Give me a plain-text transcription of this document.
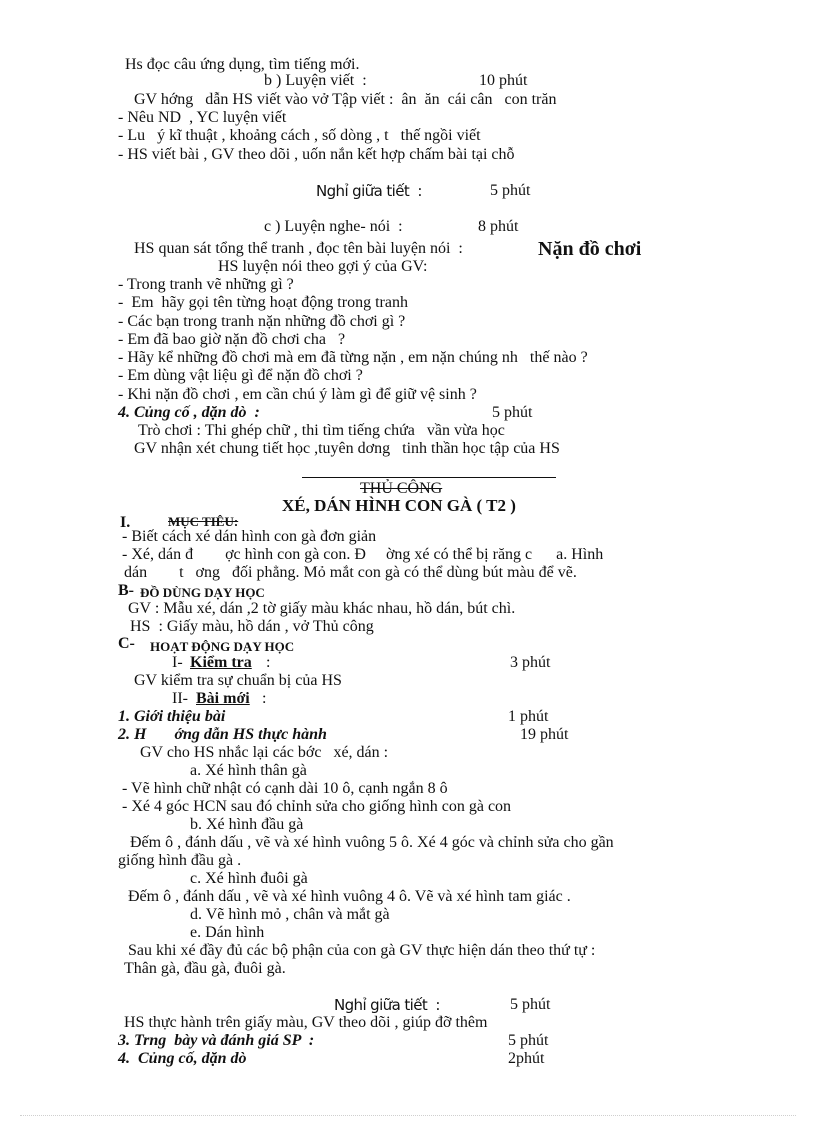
Hs đọc câu ứng dụng, tìm tiếng mới.
b ) Luyện viết  :	10 phút
GV hớng   dẫn HS viết vào vở Tập viết :  ân  ăn  cái cân   con trăn
- Nêu ND  , YC luyện viết
- Lu   ý kĩ thuật , khoảng cách , số dòng , t   thế ngồi viết
- HS viết bài , GV theo dõi , uốn nắn kết hợp chấm bài tại chỗ
Nghỉ giữa tiết  :	5 phút
c ) Luyện nghe- nói  :	8 phút
HS quan sát tổng thể tranh , đọc tên bài luyện nói  :	Nặn đồ chơi
HS luyện nói theo gợi ý của GV:
- Trong tranh vẽ những gì ?
-  Em  hãy gọi tên từng hoạt động trong tranh
- Các bạn trong tranh nặn những đồ chơi gì ?
- Em đã bao giờ nặn đồ chơi cha   ?
- Hãy kể những đồ chơi mà em đã từng nặn , em nặn chúng nh   thế nào ?
- Em dùng vật liệu gì để nặn đồ chơi ?
- Khi nặn đồ chơi , em cần chú ý làm gì để giữ vệ sinh ?
4. Củng cố , dặn dò  :	5 phút
Trò chơi : Thi ghép chữ , thi tìm tiếng chứa   vần vừa học
GV nhận xét chung tiết học ,tuyên dơng   tinh thần học tập của HS
THỦ CÔNG
XÉ, DÁN HÌNH CON GÀ ( T2 )
I.	MỤC TIÊU:
- Biết cách xé dán hình con gà đơn giản
- Xé, dán đ        ợc hình con gà con. Đ     ờng xé có thể bị răng c      a. Hình
dán        t   ơng   đối phẳng. Mỏ mắt con gà có thể dùng bút màu để vẽ.
B- ĐỒ DÙNG DẠY HỌC
GV : Mẫu xé, dán ,2 tờ giấy màu khác nhau, hồ dán, bút chì.
HS  : Giấy màu, hồ dán , vở Thủ công
C- HOẠT ĐỘNG DẠY HỌC
I- Kiểm tra :	3 phút
GV kiểm tra sự chuẩn bị của HS
II- Bài mới :
1. Giới thiệu bài	1 phút
2. H       ớng dẫn HS thực hành	19 phút
GV cho HS nhắc lại các bớc   xé, dán :
a. Xé hình thân gà
- Vẽ hình chữ nhật có cạnh dài 10 ô, cạnh ngắn 8 ô
- Xé 4 góc HCN sau đó chỉnh sửa cho giống hình con gà con
b. Xé hình đầu gà
Đếm ô , đánh dấu , vẽ và xé hình vuông 5 ô. Xé 4 góc và chỉnh sửa cho gần
giống hình đầu gà .
c. Xé hình đuôi gà
Đếm ô , đánh dấu , vẽ và xé hình vuông 4 ô. Vẽ và xé hình tam giác .
d. Vẽ hình mỏ , chân và mắt gà
e. Dán hình
Sau khi xé đầy đủ các bộ phận của con gà GV thực hiện dán theo thứ tự :
Thân gà, đầu gà, đuôi gà.
Nghỉ giữa tiết  :	5 phút
HS thực hành trên giấy màu, GV theo dõi , giúp đỡ thêm
3. Trng  bày và đánh giá SP  :	5 phút
4.  Củng cố, dặn dò	2phút
